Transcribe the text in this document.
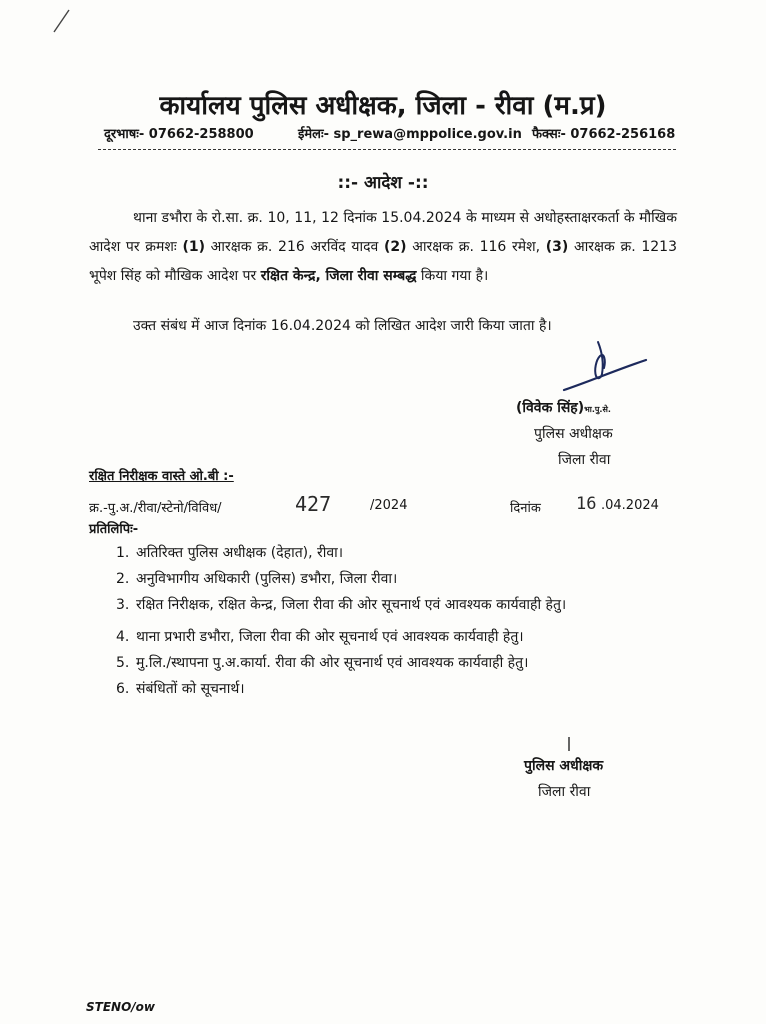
कार्यालय पुलिस अधीक्षक, जिला - रीवा (म.प्र)
दूरभाषः- 07662-258800	ईमेलः- sp_rewa@mppolice.gov.in फैक्सः- 07662-256168
::- आदेश -::
थाना डभौरा के रो.सा. क्र. 10, 11, 12 दिनांक 15.04.2024 के माध्यम से अधोहस्ताक्षरकर्ता के मौखिक आदेश पर क्रमशः (1) आरक्षक क्र. 216 अरविंद यादव (2) आरक्षक क्र. 116 रमेश, (3) आरक्षक क्र. 1213 भूपेश सिंह को मौखिक आदेश पर रक्षित केन्द्र, जिला रीवा सम्बद्ध किया गया है।
उक्त संबंध में आज दिनांक 16.04.2024 को लिखित आदेश जारी किया जाता है।
(विवेक सिंह)भा.पु.से.
पुलिस अधीक्षक
जिला रीवा
रक्षित निरीक्षक वास्ते ओ.बी :-
क्र.-पु.अ./रीवा/स्टेनो/विविध/	427	/2024	दिनांक 16 .04.2024
प्रतिलिपिः-
1. अतिरिक्त पुलिस अधीक्षक (देहात), रीवा।
2. अनुविभागीय अधिकारी (पुलिस) डभौरा, जिला रीवा।
3. रक्षित निरीक्षक, रक्षित केन्द्र, जिला रीवा की ओर सूचनार्थ एवं आवश्यक कार्यवाही हेतु।
4. थाना प्रभारी डभौरा, जिला रीवा की ओर सूचनार्थ एवं आवश्यक कार्यवाही हेतु।
5. मु.लि./स्थापना पु.अ.कार्या. रीवा की ओर सूचनार्थ एवं आवश्यक कार्यवाही हेतु।
6. संबंधितों को सूचनार्थ।
पुलिस अधीक्षक
जिला रीवा
STENO/ow
